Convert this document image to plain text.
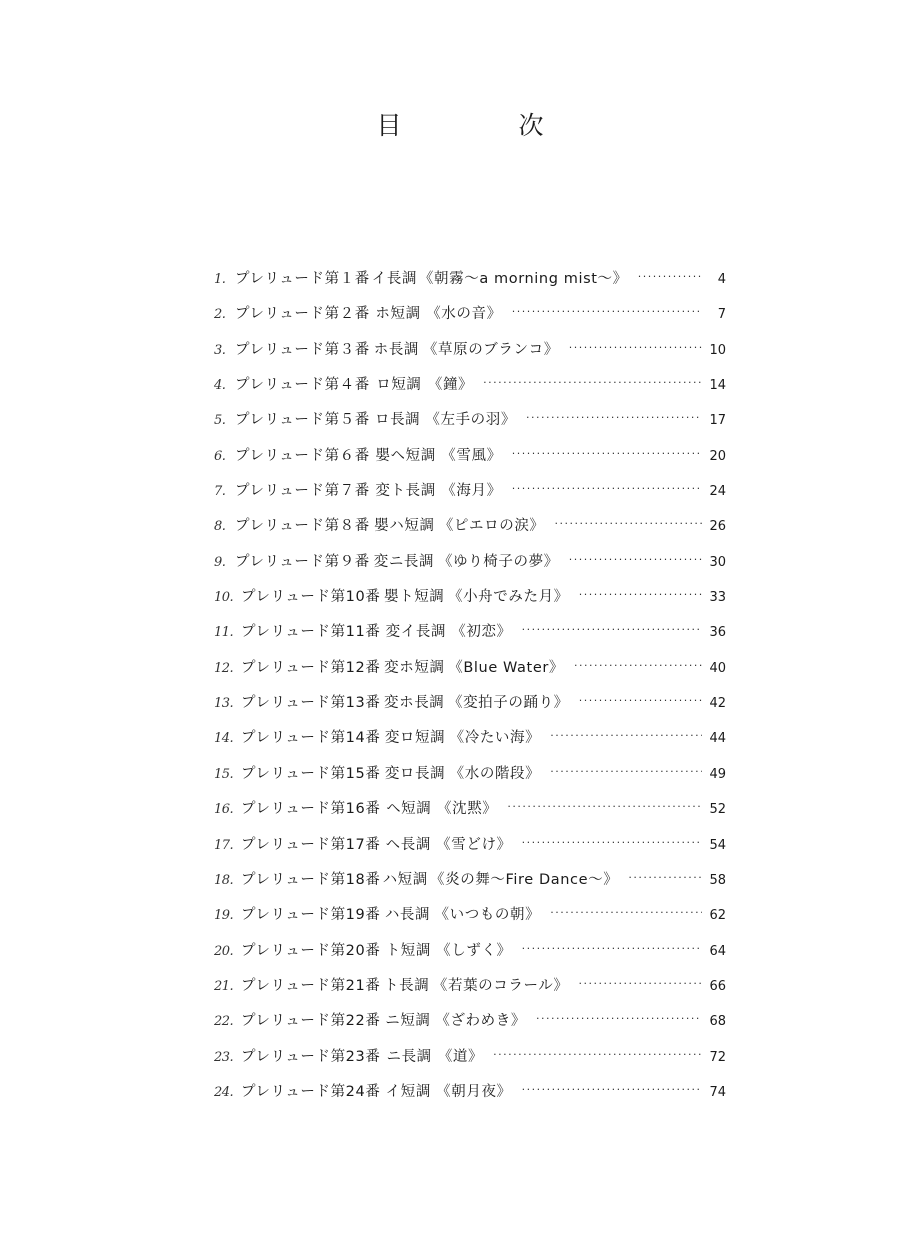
目　次
1. プレリュード第１番 イ長調 《朝霧〜a morning mist〜》 ·····	4
2. プレリュード第２番 ホ短調 《水の音》 ·····	7
3. プレリュード第３番 ホ長調 《草原のブランコ》 ·····	10
4. プレリュード第４番 ロ短調 《鐘》 ·····	14
5. プレリュード第５番 ロ長調 《左手の羽》 ·····	17
6. プレリュード第６番 嬰ヘ短調 《雪風》 ·····	20
7. プレリュード第７番 変ト長調 《海月》 ·····	24
8. プレリュード第８番 嬰ハ短調 《ピエロの涙》 ·····	26
9. プレリュード第９番 変ニ長調 《ゆり椅子の夢》 ·····	30
10. プレリュード第10番 嬰ト短調 《小舟でみた月》 ·····	33
11. プレリュード第11番 変イ長調 《初恋》 ·····	36
12. プレリュード第12番 変ホ短調 《Blue Water》 ·····	40
13. プレリュード第13番 変ホ長調 《変拍子の踊り》 ·····	42
14. プレリュード第14番 変ロ短調 《冷たい海》 ·····	44
15. プレリュード第15番 変ロ長調 《水の階段》 ·····	49
16. プレリュード第16番 ヘ短調 《沈黙》 ·····	52
17. プレリュード第17番 ヘ長調 《雪どけ》 ·····	54
18. プレリュード第18番 ハ短調 《炎の舞〜Fire Dance〜》 ·····	58
19. プレリュード第19番 ハ長調 《いつもの朝》 ·····	62
20. プレリュード第20番 ト短調 《しずく》 ·····	64
21. プレリュード第21番 ト長調 《若葉のコラール》 ·····	66
22. プレリュード第22番 ニ短調 《ざわめき》 ·····	68
23. プレリュード第23番 ニ長調 《道》 ·····	72
24. プレリュード第24番 イ短調 《朝月夜》 ·····	74
